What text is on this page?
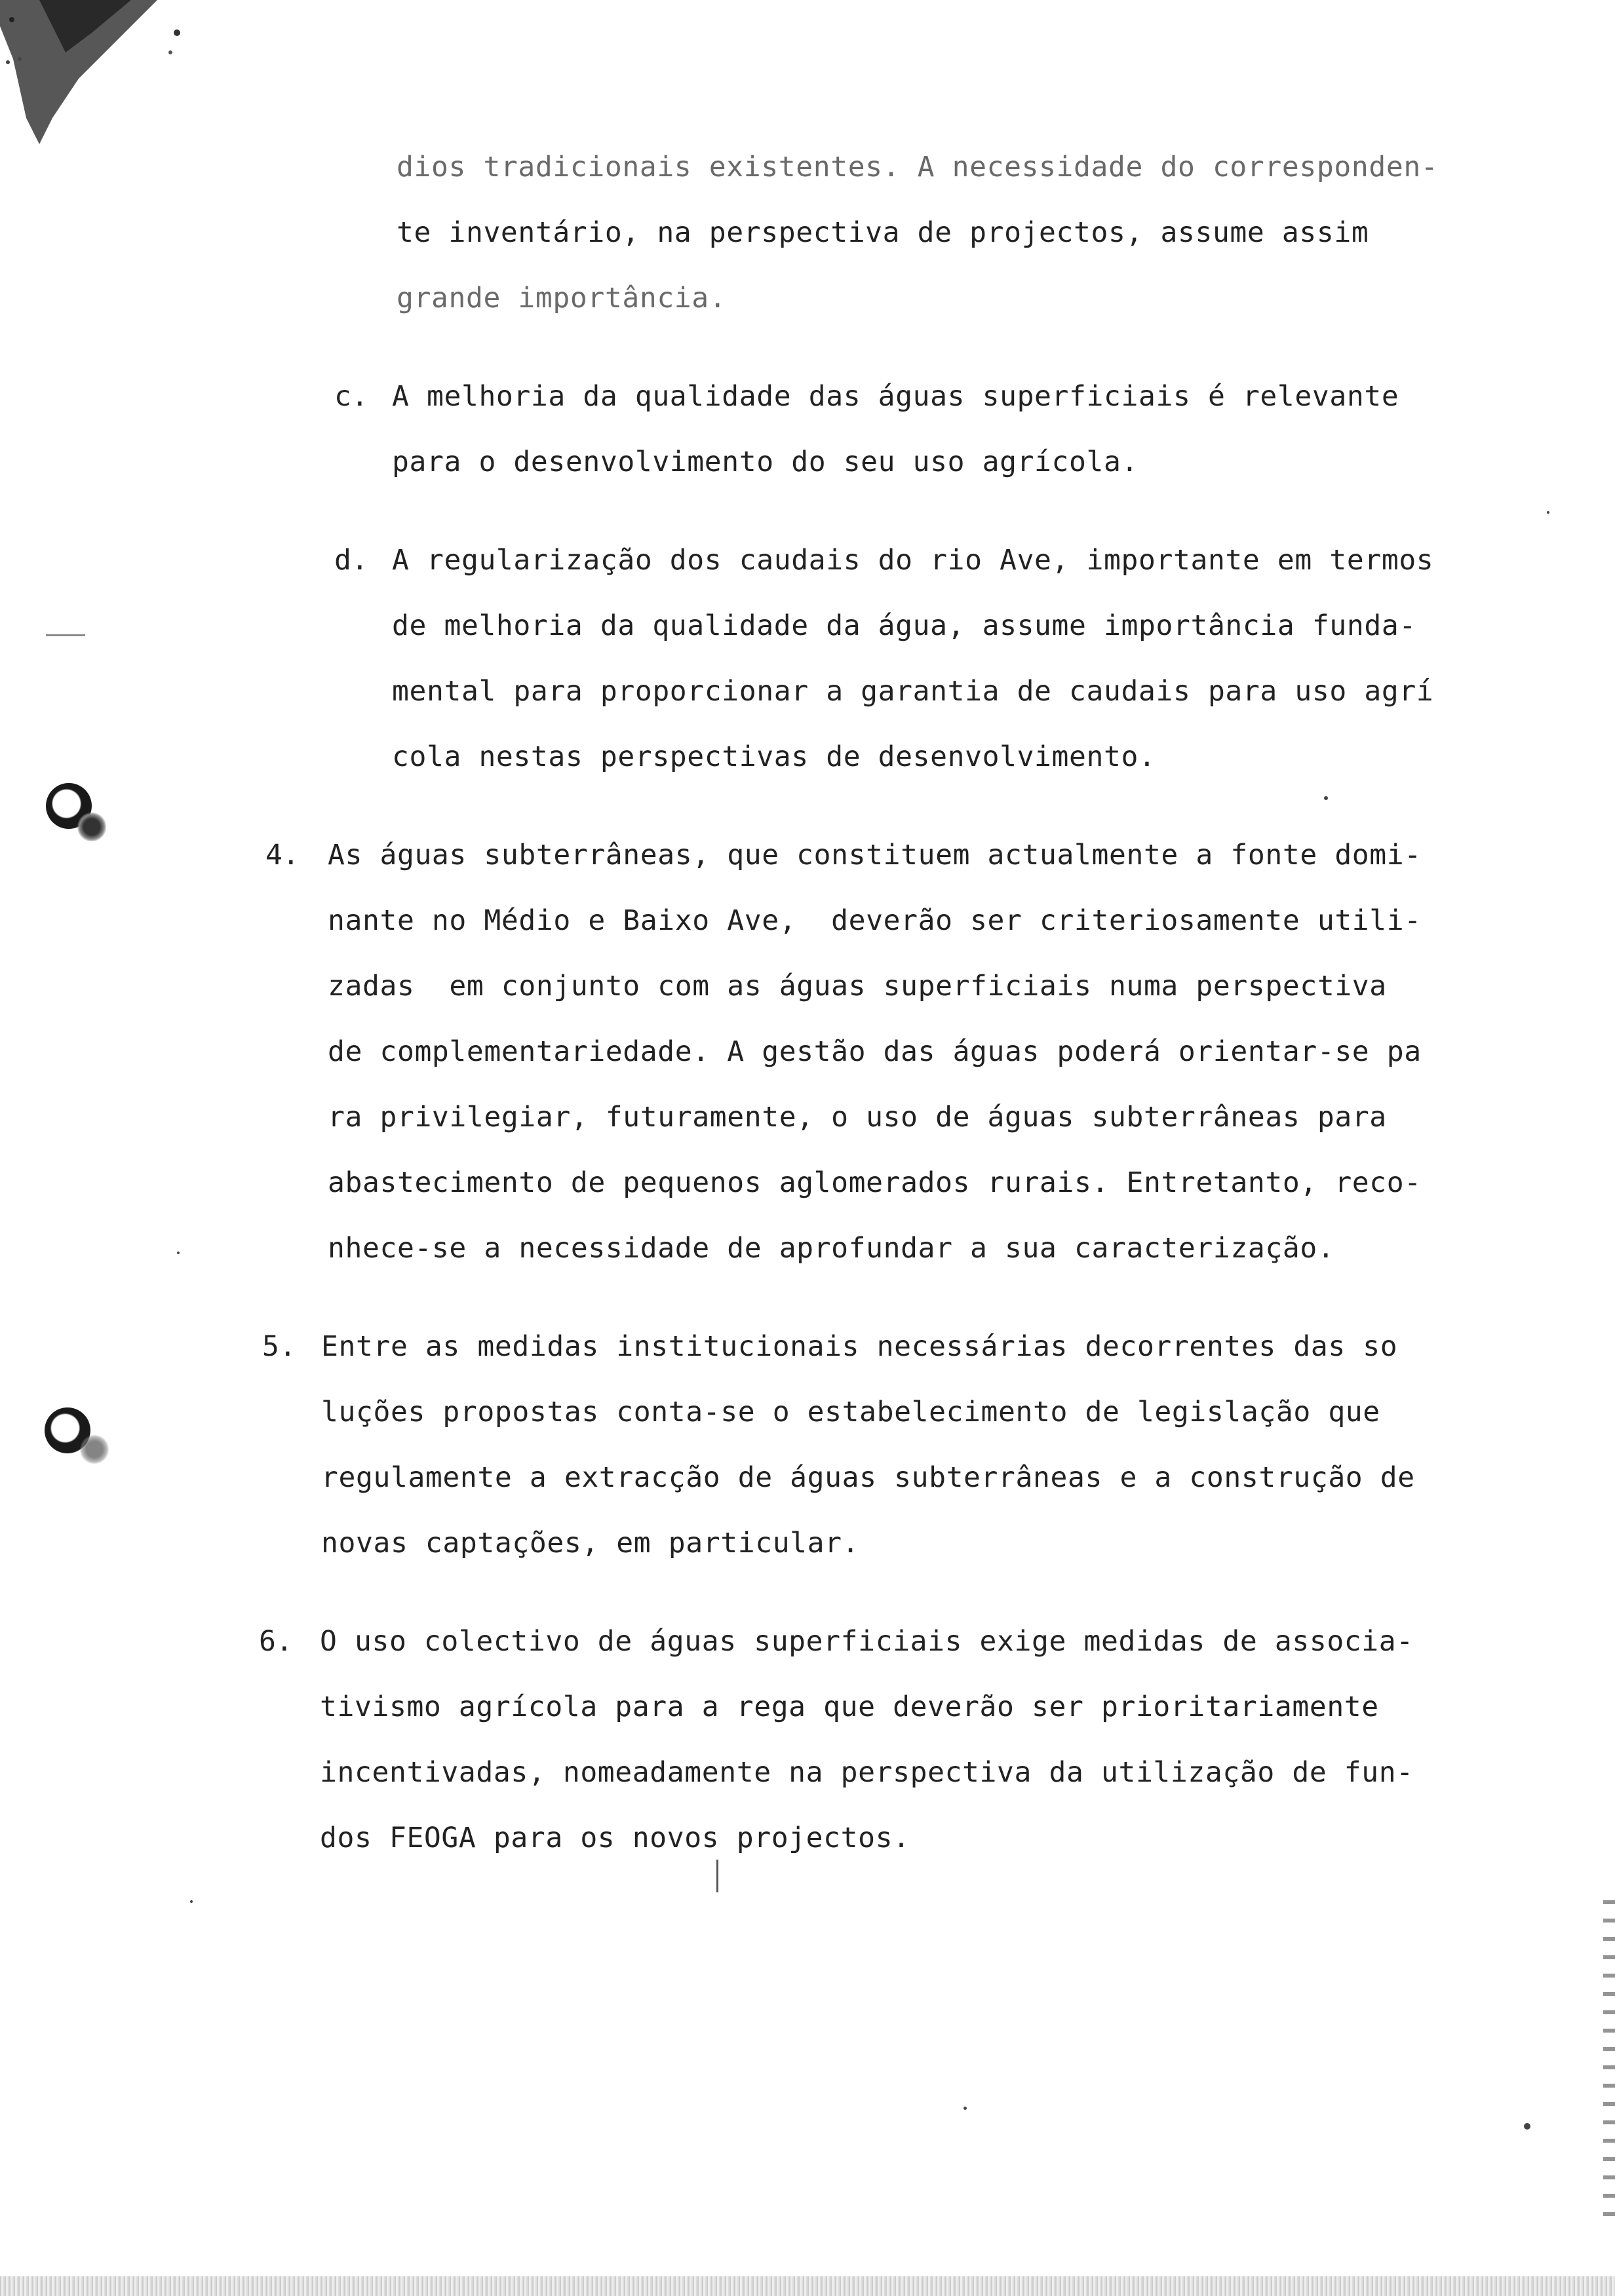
dios tradicionais existentes. A necessidade do corresponden-
te inventário, na perspectiva de projectos, assume assim
grande importância.
c. A melhoria da qualidade das águas superficiais é relevante
para o desenvolvimento do seu uso agrícola.
d. A regularização dos caudais do rio Ave, importante em termos
de melhoria da qualidade da água, assume importância funda-
mental para proporcionar a garantia de caudais para uso agrí
cola nestas perspectivas de desenvolvimento.
4. As águas subterrâneas, que constituem actualmente a fonte domi-
nante no Médio e Baixo Ave,  deverão ser criteriosamente utili-
zadas  em conjunto com as águas superficiais numa perspectiva
de complementariedade. A gestão das águas poderá orientar-se pa
ra privilegiar, futuramente, o uso de águas subterrâneas para
abastecimento de pequenos aglomerados rurais. Entretanto, reco-
nhece-se a necessidade de aprofundar a sua caracterização.
5. Entre as medidas institucionais necessárias decorrentes das so
luções propostas conta-se o estabelecimento de legislação que
regulamente a extracção de águas subterrâneas e a construção de
novas captações, em particular.
6. O uso colectivo de águas superficiais exige medidas de associa-
tivismo agrícola para a rega que deverão ser prioritariamente
incentivadas, nomeadamente na perspectiva da utilização de fun-
dos FEOGA para os novos projectos.
